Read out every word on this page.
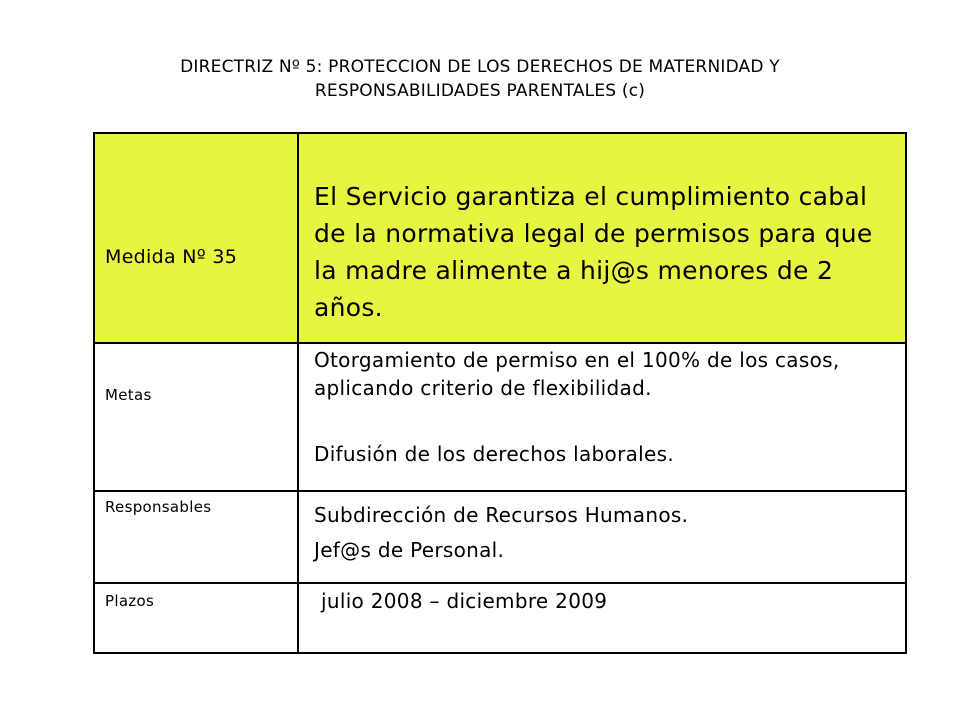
DIRECTRIZ Nº 5: PROTECCION DE LOS DERECHOS DE MATERNIDAD Y
RESPONSABILIDADES PARENTALES (c)
Medida Nº 35	El Servicio garantiza el cumplimiento cabal de la normativa legal de permisos para que la madre alimente a hij@s menores de 2 años.

Metas	Otorgamiento de permiso en el 100% de los casos, aplicando criterio de flexibilidad.
Difusión de los derechos laborales.

Responsables	Subdirección de Recursos Humanos.
Jef@s de Personal.

Plazos	julio 2008 – diciembre 2009
